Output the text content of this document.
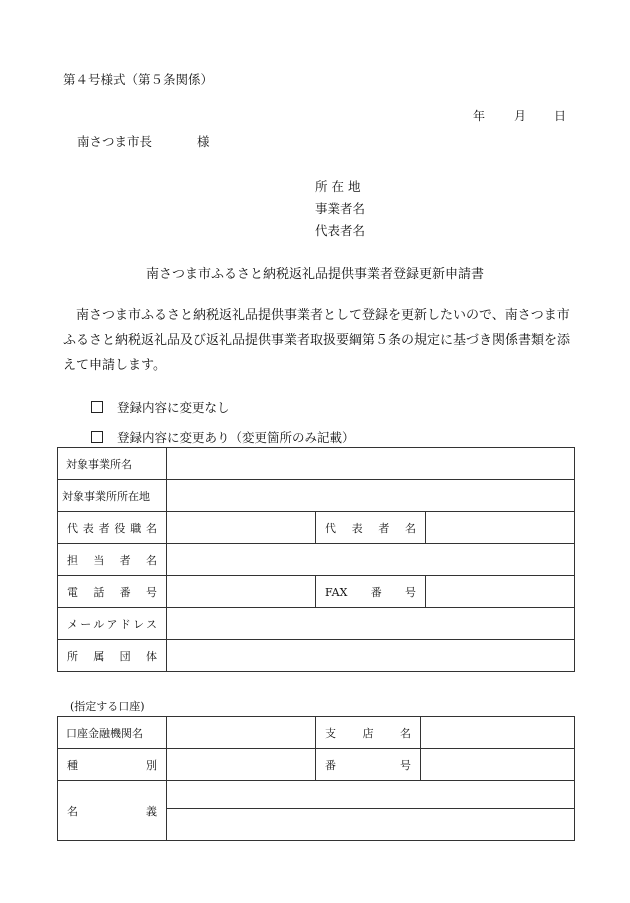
第４号様式（第５条関係）
年 月 日
南さつま市長	様
所 在 地
事業者名
代表者名
南さつま市ふるさと納税返礼品提供事業者登録更新申請書
　南さつま市ふるさと納税返礼品提供事業者として登録を更新したいので、南さつま市ふるさと納税返礼品及び返礼品提供事業者取扱要綱第５条の規定に基づき関係書類を添えて申請します。
登録内容に変更なし
登録内容に変更あり（変更箇所のみ記載）
対象事業所名			
対象事業所所在地			
代表者役職名		代表者名	
担当者名			
電話番号		FAX番号	
メールアドレス			
所属団体			
(指定する口座)
口座金融機関名		支店名	
種別		番号	
名義			
